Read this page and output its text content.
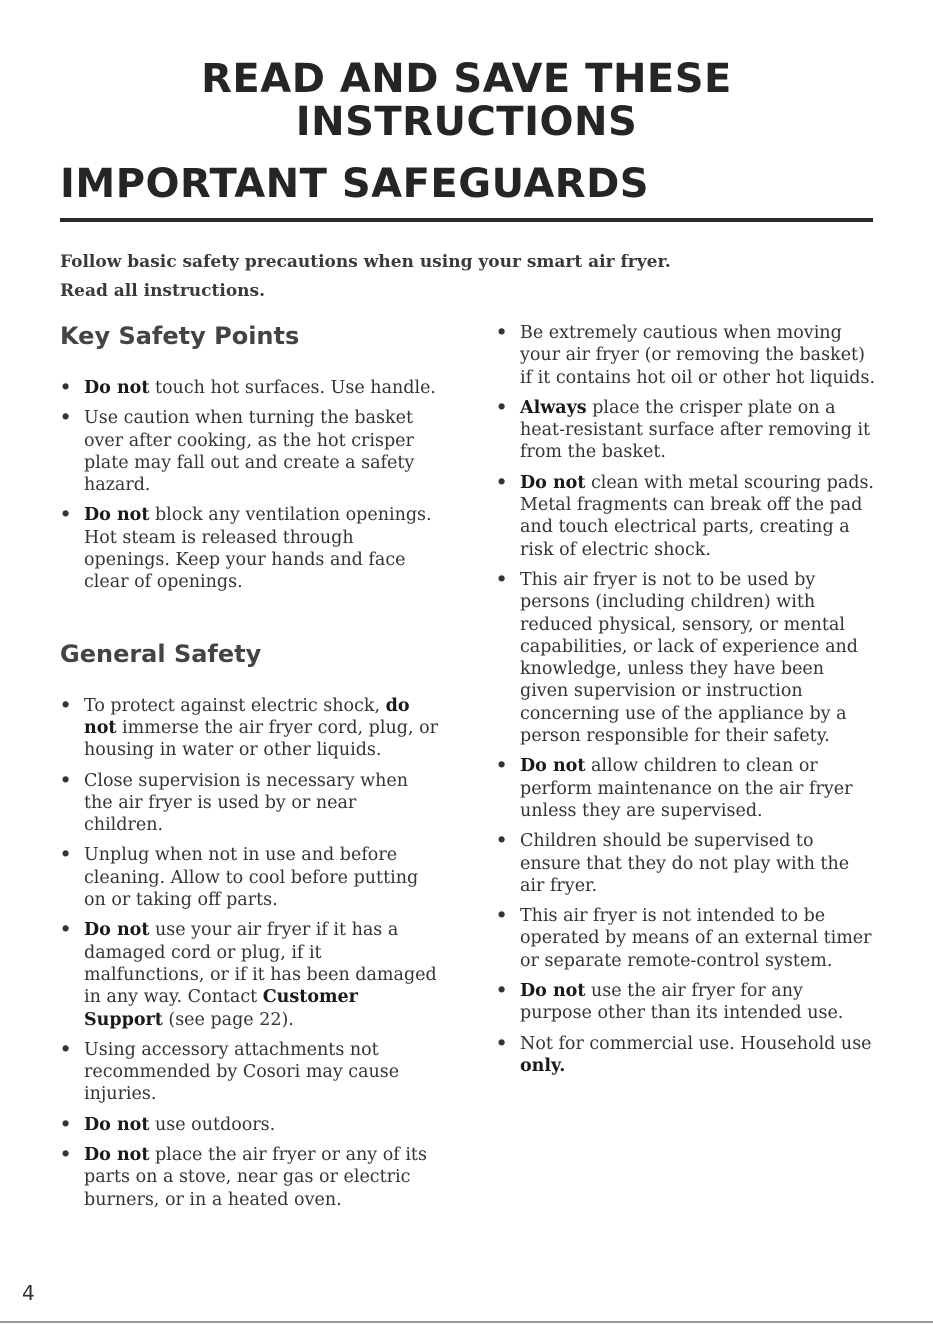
READ AND SAVE THESE
INSTRUCTIONS
IMPORTANT SAFEGUARDS
Follow basic safety precautions when using your smart air fryer.
Read all instructions.
Key Safety Points
• Do not touch hot surfaces. Use handle.
• Use caution when turning the basket over after cooking, as the hot crisper plate may fall out and create a safety hazard.
• Do not block any ventilation openings. Hot steam is released through openings. Keep your hands and face clear of openings.
General Safety
• To protect against electric shock, do not immerse the air fryer cord, plug, or housing in water or other liquids.
• Close supervision is necessary when the air fryer is used by or near children.
• Unplug when not in use and before cleaning. Allow to cool before putting on or taking off parts.
• Do not use your air fryer if it has a damaged cord or plug, if it malfunctions, or if it has been damaged in any way. Contact Customer Support (see page 22).
• Using accessory attachments not recommended by Cosori may cause injuries.
• Do not use outdoors.
• Do not place the air fryer or any of its parts on a stove, near gas or electric burners, or in a heated oven.
• Be extremely cautious when moving your air fryer (or removing the basket) if it contains hot oil or other hot liquids.
• Always place the crisper plate on a heat-resistant surface after removing it from the basket.
• Do not clean with metal scouring pads. Metal fragments can break off the pad and touch electrical parts, creating a risk of electric shock.
• This air fryer is not to be used by persons (including children) with reduced physical, sensory, or mental capabilities, or lack of experience and knowledge, unless they have been given supervision or instruction concerning use of the appliance by a person responsible for their safety.
• Do not allow children to clean or perform maintenance on the air fryer unless they are supervised.
• Children should be supervised to ensure that they do not play with the air fryer.
• This air fryer is not intended to be operated by means of an external timer or separate remote-control system.
• Do not use the air fryer for any purpose other than its intended use.
• Not for commercial use. Household use only.
4
